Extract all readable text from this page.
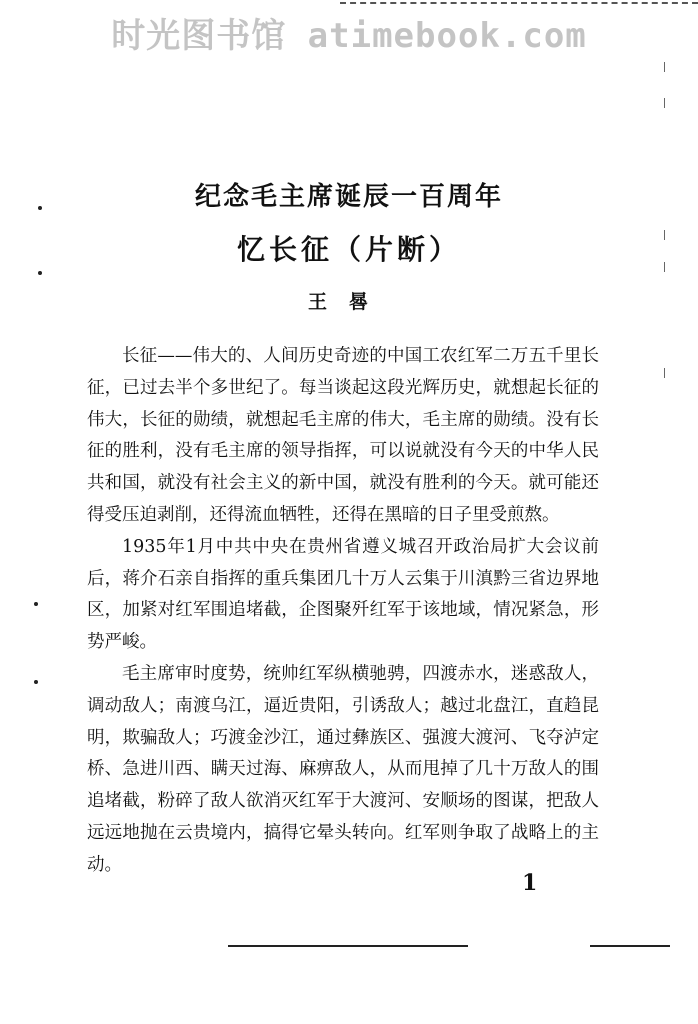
时光图书馆 atimebook.com
纪念毛主席诞辰一百周年
忆长征（片断）
王晷

长征——伟大的、人间历史奇迹的中国工农红军二万五千里长征，已过去半个多世纪了。每当谈起这段光辉历史，就想起长征的伟大，长征的勋绩，就想起毛主席的伟大，毛主席的勋绩。没有长征的胜利，没有毛主席的领导指挥，可以说就没有今天的中华人民共和国，就没有社会主义的新中国，就没有胜利的今天。就可能还得受压迫剥削，还得流血牺牲，还得在黑暗的日子里受煎熬。

1935年1月中共中央在贵州省遵义城召开政治局扩大会议前后，蒋介石亲自指挥的重兵集团几十万人云集于川滇黔三省边界地区，加紧对红军围追堵截，企图聚歼红军于该地域，情况紧急，形势严峻。

毛主席审时度势，统帅红军纵横驰骋，四渡赤水，迷惑敌人，调动敌人；南渡乌江，逼近贵阳，引诱敌人；越过北盘江，直趋昆明，欺骗敌人；巧渡金沙江，通过彝族区、强渡大渡河、飞夺泸定桥、急进川西、瞒天过海、麻痹敌人，从而甩掉了几十万敌人的围追堵截，粉碎了敌人欲消灭红军于大渡河、安顺场的图谋，把敌人远远地抛在云贵境内，搞得它晕头转向。红军则争取了战略上的主动。

1
